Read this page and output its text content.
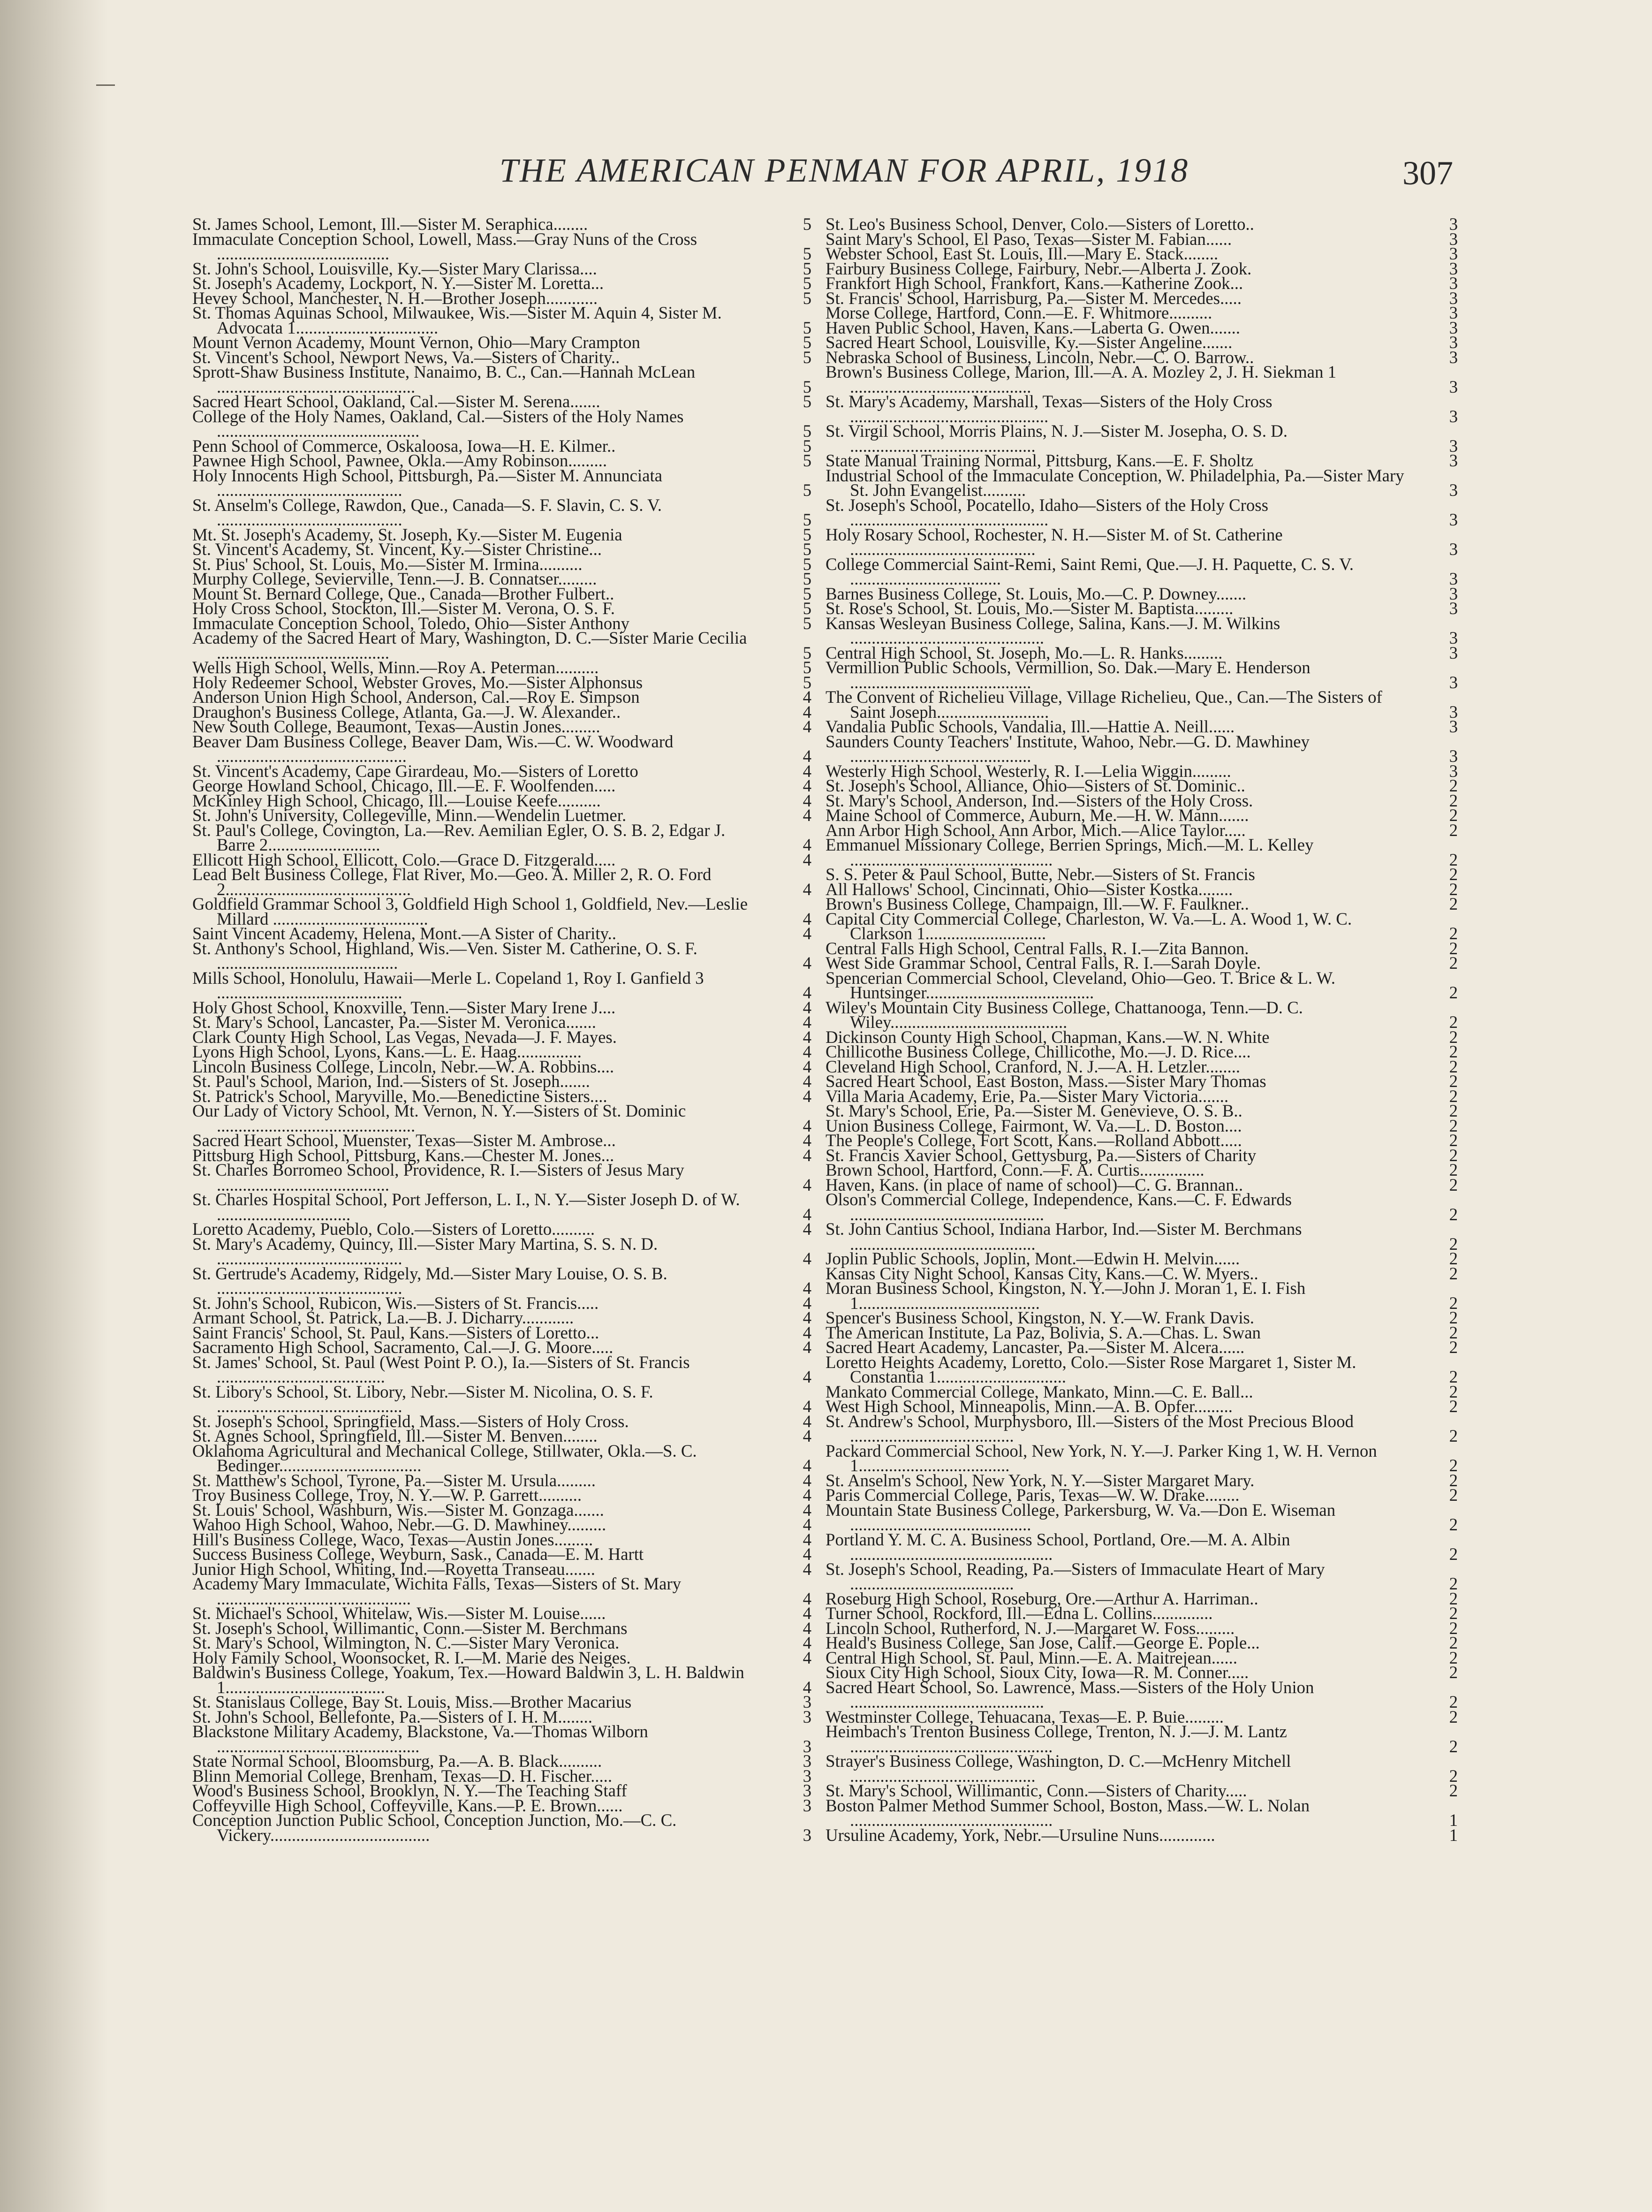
THE AMERICAN PENMAN FOR APRIL, 1918	307
St. James School, Lemont, Ill.—Sister M. Seraphica........	5
Immaculate Conception School, Lowell, Mass.—Gray Nuns of the Cross ........................................	5
St. John's School, Louisville, Ky.—Sister Mary Clarissa....	5
St. Joseph's Academy, Lockport, N. Y.—Sister M. Loretta...	5
Hevey School, Manchester, N. H.—Brother Joseph............	5
St. Thomas Aquinas School, Milwaukee, Wis.—Sister M. Aquin 4, Sister M. Advocata 1.................................	5
Mount Vernon Academy, Mount Vernon, Ohio—Mary Crampton	5
St. Vincent's School, Newport News, Va.—Sisters of Charity..	5
Sprott-Shaw Business Institute, Nanaimo, B. C., Can.—Hannah McLean ..............................................	5
Sacred Heart School, Oakland, Cal.—Sister M. Serena.......	5
College of the Holy Names, Oakland, Cal.—Sisters of the Holy Names ...............................................	5
Penn School of Commerce, Oskaloosa, Iowa—H. E. Kilmer..	5
Pawnee High School, Pawnee, Okla.—Amy Robinson.........	5
Holy Innocents High School, Pittsburgh, Pa.—Sister M. Annunciata ...........................................	5
St. Anselm's College, Rawdon, Que., Canada—S. F. Slavin, C. S. V. ...........................................	5
Mt. St. Joseph's Academy, St. Joseph, Ky.—Sister M. Eugenia	5
St. Vincent's Academy, St. Vincent, Ky.—Sister Christine...	5
St. Pius' School, St. Louis, Mo.—Sister M. Irmina..........	5
Murphy College, Sevierville, Tenn.—J. B. Connatser.........	5
Mount St. Bernard College, Que., Canada—Brother Fulbert..	5
Holy Cross School, Stockton, Ill.—Sister M. Verona, O. S. F.	5
Immaculate Conception School, Toledo, Ohio—Sister Anthony	5
Academy of the Sacred Heart of Mary, Washington, D. C.—Sister Marie Cecilia ........................................	5
Wells High School, Wells, Minn.—Roy A. Peterman..........	5
Holy Redeemer School, Webster Groves, Mo.—Sister Alphonsus	5
Anderson Union High School, Anderson, Cal.—Roy E. Simpson	4
Draughon's Business College, Atlanta, Ga.—J. W. Alexander..	4
New South College, Beaumont, Texas—Austin Jones.........	4
Beaver Dam Business College, Beaver Dam, Wis.—C. W. Woodward ............................................	4
St. Vincent's Academy, Cape Girardeau, Mo.—Sisters of Loretto	4
George Howland School, Chicago, Ill.—E. F. Woolfenden.....	4
McKinley High School, Chicago, Ill.—Louise Keefe..........	4
St. John's University, Collegeville, Minn.—Wendelin Luetmer.	4
St. Paul's College, Covington, La.—Rev. Aemilian Egler, O. S. B. 2, Edgar J. Barre 2..........................	4
Ellicott High School, Ellicott, Colo.—Grace D. Fitzgerald.....	4
Lead Belt Business College, Flat River, Mo.—Geo. A. Miller 2, R. O. Ford 2...........................................	4
Goldfield Grammar School 3, Goldfield High School 1, Goldfield, Nev.—Leslie Millard ....................................	4
Saint Vincent Academy, Helena, Mont.—A Sister of Charity..	4
St. Anthony's School, Highland, Wis.—Ven. Sister M. Catherine, O. S. F. ..........................................	4
Mills School, Honolulu, Hawaii—Merle L. Copeland 1, Roy I. Ganfield 3 ...........................................	4
Holy Ghost School, Knoxville, Tenn.—Sister Mary Irene J....	4
St. Mary's School, Lancaster, Pa.—Sister M. Veronica.......	4
Clark County High School, Las Vegas, Nevada—J. F. Mayes.	4
Lyons High School, Lyons, Kans.—L. E. Haag...............	4
Lincoln Business College, Lincoln, Nebr.—W. A. Robbins....	4
St. Paul's School, Marion, Ind.—Sisters of St. Joseph.......	4
St. Patrick's School, Maryville, Mo.—Benedictine Sisters....	4
Our Lady of Victory School, Mt. Vernon, N. Y.—Sisters of St. Dominic ..............................................	4
Sacred Heart School, Muenster, Texas—Sister M. Ambrose...	4
Pittsburg High School, Pittsburg, Kans.—Chester M. Jones...	4
St. Charles Borromeo School, Providence, R. I.—Sisters of Jesus Mary ........................................	4
St. Charles Hospital School, Port Jefferson, L. I., N. Y.—Sister Joseph D. of W. ...............................	4
Loretto Academy, Pueblo, Colo.—Sisters of Loretto..........	4
St. Mary's Academy, Quincy, Ill.—Sister Mary Martina, S. S. N. D. ...........................................	4
St. Gertrude's Academy, Ridgely, Md.—Sister Mary Louise, O. S. B. ...........................................	4
St. John's School, Rubicon, Wis.—Sisters of St. Francis.....	4
Armant School, St. Patrick, La.—B. J. Dicharry............	4
Saint Francis' School, St. Paul, Kans.—Sisters of Loretto...	4
Sacramento High School, Sacramento, Cal.—J. G. Moore.....	4
St. James' School, St. Paul (West Point P. O.), Ia.—Sisters of St. Francis .......................................	4
St. Libory's School, St. Libory, Nebr.—Sister M. Nicolina, O. S. F. ...........................................	4
St. Joseph's School, Springfield, Mass.—Sisters of Holy Cross.	4
St. Agnes School, Springfield, Ill.—Sister M. Benven........	4
Oklahoma Agricultural and Mechanical College, Stillwater, Okla.—S. C. Bedinger.................................	4
St. Matthew's School, Tyrone, Pa.—Sister M. Ursula.........	4
Troy Business College, Troy, N. Y.—W. P. Garrett..........	4
St. Louis' School, Washburn, Wis.—Sister M. Gonzaga.......	4
Wahoo High School, Wahoo, Nebr.—G. D. Mawhiney.........	4
Hill's Business College, Waco, Texas—Austin Jones.........	4
Success Business College, Weyburn, Sask., Canada—E. M. Hartt	4
Junior High School, Whiting, Ind.—Royetta Transeau.......	4
Academy Mary Immaculate, Wichita Falls, Texas—Sisters of St. Mary .............................................	4
St. Michael's School, Whitelaw, Wis.—Sister M. Louise......	4
St. Joseph's School, Willimantic, Conn.—Sister M. Berchmans	4
St. Mary's School, Wilmington, N. C.—Sister Mary Veronica.	4
Holy Family School, Woonsocket, R. I.—M. Marie des Neiges.	4
Baldwin's Business College, Yoakum, Tex.—Howard Baldwin 3, L. H. Baldwin 1.....................................	4
St. Stanislaus College, Bay St. Louis, Miss.—Brother Macarius	3
St. John's School, Bellefonte, Pa.—Sisters of I. H. M........	3
Blackstone Military Academy, Blackstone, Va.—Thomas Wilborn ...............................................	3
State Normal School, Bloomsburg, Pa.—A. B. Black..........	3
Blinn Memorial College, Brenham, Texas—D. H. Fischer.....	3
Wood's Business School, Brooklyn, N. Y.—The Teaching Staff	3
Coffeyville High School, Coffeyville, Kans.—P. E. Brown......	3
Conception Junction Public School, Conception Junction, Mo.—C. C. Vickery.....................................	3
St. Leo's Business School, Denver, Colo.—Sisters of Loretto..	3
Saint Mary's School, El Paso, Texas—Sister M. Fabian......	3
Webster School, East St. Louis, Ill.—Mary E. Stack........	3
Fairbury Business College, Fairbury, Nebr.—Alberta J. Zook.	3
Frankfort High School, Frankfort, Kans.—Katherine Zook...	3
St. Francis' School, Harrisburg, Pa.—Sister M. Mercedes.....	3
Morse College, Hartford, Conn.—E. F. Whitmore..........	3
Haven Public School, Haven, Kans.—Laberta G. Owen.......	3
Sacred Heart School, Louisville, Ky.—Sister Angeline.......	3
Nebraska School of Business, Lincoln, Nebr.—C. O. Barrow..	3
Brown's Business College, Marion, Ill.—A. A. Mozley 2, J. H. Siekman 1 ..........................................	3
St. Mary's Academy, Marshall, Texas—Sisters of the Holy Cross ..............................................	3
St. Virgil School, Morris Plains, N. J.—Sister M. Josepha, O. S. D. ...........................................	3
State Manual Training Normal, Pittsburg, Kans.—E. F. Sholtz	3
Industrial School of the Immaculate Conception, W. Philadelphia, Pa.—Sister Mary St. John Evangelist..........	3
St. Joseph's School, Pocatello, Idaho—Sisters of the Holy Cross ..............................................	3
Holy Rosary School, Rochester, N. H.—Sister M. of St. Catherine ...........................................	3
College Commercial Saint-Remi, Saint Remi, Que.—J. H. Paquette, C. S. V. ...................................	3
Barnes Business College, St. Louis, Mo.—C. P. Downey.......	3
St. Rose's School, St. Louis, Mo.—Sister M. Baptista.........	3
Kansas Wesleyan Business College, Salina, Kans.—J. M. Wilkins .............................................	3
Central High School, St. Joseph, Mo.—L. R. Hanks.........	3
Vermillion Public Schools, Vermillion, So. Dak.—Mary E. Henderson ..........................................	3
The Convent of Richelieu Village, Village Richelieu, Que., Can.—The Sisters of Saint Joseph..........................	3
Vandalia Public Schools, Vandalia, Ill.—Hattie A. Neill......	3
Saunders County Teachers' Institute, Wahoo, Nebr.—G. D. Mawhiney ..........................................	3
Westerly High School, Westerly, R. I.—Lelia Wiggin.........	3
St. Joseph's School, Alliance, Ohio—Sisters of St. Dominic..	2
St. Mary's School, Anderson, Ind.—Sisters of the Holy Cross.	2
Maine School of Commerce, Auburn, Me.—H. W. Mann.......	2
Ann Arbor High School, Ann Arbor, Mich.—Alice Taylor.....	2
Emmanuel Missionary College, Berrien Springs, Mich.—M. L. Kelley ...............................................	2
S. S. Peter & Paul School, Butte, Nebr.—Sisters of St. Francis	2
All Hallows' School, Cincinnati, Ohio—Sister Kostka........	2
Brown's Business College, Champaign, Ill.—W. F. Faulkner..	2
Capital City Commercial College, Charleston, W. Va.—L. A. Wood 1, W. C. Clarkson 1............................	2
Central Falls High School, Central Falls, R. I.—Zita Bannon.	2
West Side Grammar School, Central Falls, R. I.—Sarah Doyle.	2
Spencerian Commercial School, Cleveland, Ohio—Geo. T. Brice & L. W. Huntsinger.......................................	2
Wiley's Mountain City Business College, Chattanooga, Tenn.—D. C. Wiley.........................................	2
Dickinson County High School, Chapman, Kans.—W. N. White	2
Chillicothe Business College, Chillicothe, Mo.—J. D. Rice....	2
Cleveland High School, Cranford, N. J.—A. H. Letzler........	2
Sacred Heart School, East Boston, Mass.—Sister Mary Thomas	2
Villa Maria Academy, Erie, Pa.—Sister Mary Victoria.......	2
St. Mary's School, Erie, Pa.—Sister M. Genevieve, O. S. B..	2
Union Business College, Fairmont, W. Va.—L. D. Boston....	2
The People's College, Fort Scott, Kans.—Rolland Abbott.....	2
St. Francis Xavier School, Gettysburg, Pa.—Sisters of Charity	2
Brown School, Hartford, Conn.—F. A. Curtis...............	2
Haven, Kans. (in place of name of school)—C. G. Brannan..	2
Olson's Commercial College, Independence, Kans.—C. F. Edwards .............................................	2
St. John Cantius School, Indiana Harbor, Ind.—Sister M. Berchmans ...........................................	2
Joplin Public Schools, Joplin, Mont.—Edwin H. Melvin......	2
Kansas City Night School, Kansas City, Kans.—C. W. Myers..	2
Moran Business School, Kingston, N. Y.—John J. Moran 1, E. I. Fish 1..........................................	2
Spencer's Business School, Kingston, N. Y.—W. Frank Davis.	2
The American Institute, La Paz, Bolivia, S. A.—Chas. L. Swan	2
Sacred Heart Academy, Lancaster, Pa.—Sister M. Alcera......	2
Loretto Heights Academy, Loretto, Colo.—Sister Rose Margaret 1, Sister M. Constantia 1..............................	2
Mankato Commercial College, Mankato, Minn.—C. E. Ball...	2
West High School, Minneapolis, Minn.—A. B. Opfer.........	2
St. Andrew's School, Murphysboro, Ill.—Sisters of the Most Precious Blood ......................................	2
Packard Commercial School, New York, N. Y.—J. Parker King 1, W. H. Vernon 1...................................	2
St. Anselm's School, New York, N. Y.—Sister Margaret Mary.	2
Paris Commercial College, Paris, Texas—W. W. Drake........	2
Mountain State Business College, Parkersburg, W. Va.—Don E. Wiseman ..........................................	2
Portland Y. M. C. A. Business School, Portland, Ore.—M. A. Albin ...............................................	2
St. Joseph's School, Reading, Pa.—Sisters of Immaculate Heart of Mary ......................................	2
Roseburg High School, Roseburg, Ore.—Arthur A. Harriman..	2
Turner School, Rockford, Ill.—Edna L. Collins..............	2
Lincoln School, Rutherford, N. J.—Margaret W. Foss.........	2
Heald's Business College, San Jose, Calif.—George E. Pople...	2
Central High School, St. Paul, Minn.—E. A. Maitrejean......	2
Sioux City High School, Sioux City, Iowa—R. M. Conner.....	2
Sacred Heart School, So. Lawrence, Mass.—Sisters of the Holy Union .............................................	2
Westminster College, Tehuacana, Texas—E. P. Buie.........	2
Heimbach's Trenton Business College, Trenton, N. J.—J. M. Lantz ...............................................	2
Strayer's Business College, Washington, D. C.—McHenry Mitchell ...........................................	2
St. Mary's School, Willimantic, Conn.—Sisters of Charity.....	2
Boston Palmer Method Summer School, Boston, Mass.—W. L. Nolan ...............................................	1
Ursuline Academy, York, Nebr.—Ursuline Nuns.............	1
